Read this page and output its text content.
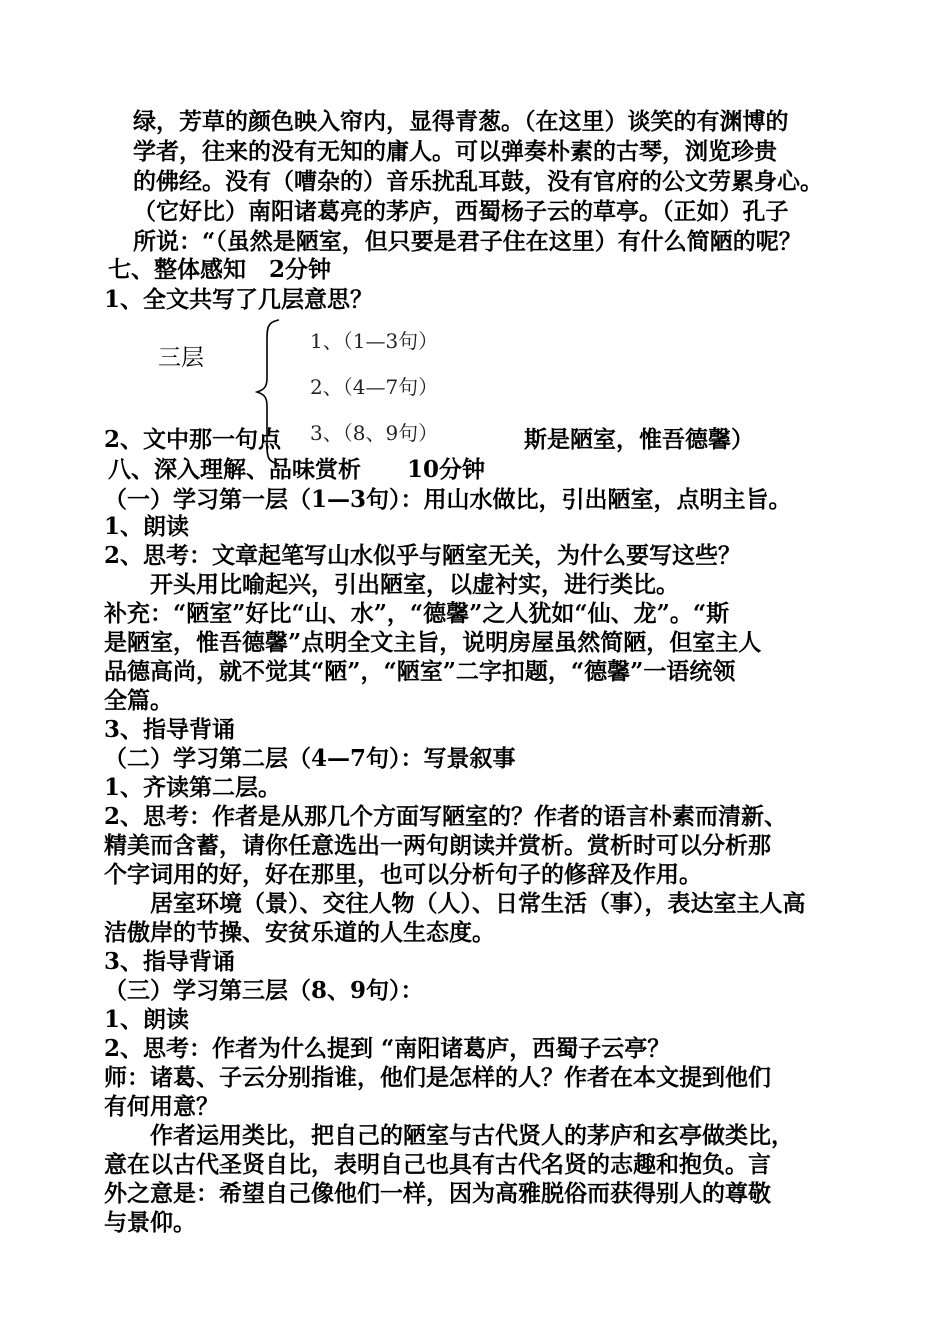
绿，芳草的颜色映入帘内，显得青葱。（在这里）谈笑的有渊博的
学者，往来的没有无知的庸人。可以弹奏朴素的古琴，浏览珍贵
的佛经。没有（嘈杂的）音乐扰乱耳鼓，没有官府的公文劳累身心。
（它好比）南阳诸葛亮的茅庐，西蜀杨子云的草亭。（正如）孔子
所说：“（虽然是陋室，但只要是君子住在这里）有什么简陋的呢？
七、整体感知　2分钟
1、全文共写了几层意思？
三层
1、（1—3句）
2、（4—7句）
3、（8、9句）
2、文中那一句点	斯是陋室，惟吾德馨）
八、深入理解、品味赏析　　10分钟
（一）学习第一层（1—3句）：用山水做比，引出陋室，点明主旨。
1、朗读
2、思考：文章起笔写山水似乎与陋室无关，为什么要写这些？
　　开头用比喻起兴，引出陋室，以虚衬实，进行类比。
补充：“陋室”好比“山、水”，“德馨”之人犹如“仙、龙”。“斯
是陋室，惟吾德馨”点明全文主旨，说明房屋虽然简陋，但室主人
品德高尚，就不觉其“陋”，“陋室”二字扣题，“德馨”一语统领
全篇。
3、指导背诵
（二）学习第二层（4—7句）：写景叙事
1、齐读第二层。
2、思考：作者是从那几个方面写陋室的？作者的语言朴素而清新、
精美而含蓄，请你任意选出一两句朗读并赏析。赏析时可以分析那
个字词用的好，好在那里，也可以分析句子的修辞及作用。
　　居室环境（景）、交往人物（人）、日常生活（事），表达室主人高
洁傲岸的节操、安贫乐道的人生态度。
3、指导背诵
（三）学习第三层（8、9句）：
1、朗读
2、思考：作者为什么提到 “南阳诸葛庐，西蜀子云亭？
师：诸葛、子云分别指谁，他们是怎样的人？作者在本文提到他们
有何用意？
　　作者运用类比，把自己的陋室与古代贤人的茅庐和玄亭做类比，
意在以古代圣贤自比，表明自己也具有古代名贤的志趣和抱负。言
外之意是：希望自己像他们一样，因为高雅脱俗而获得别人的尊敬
与景仰。
